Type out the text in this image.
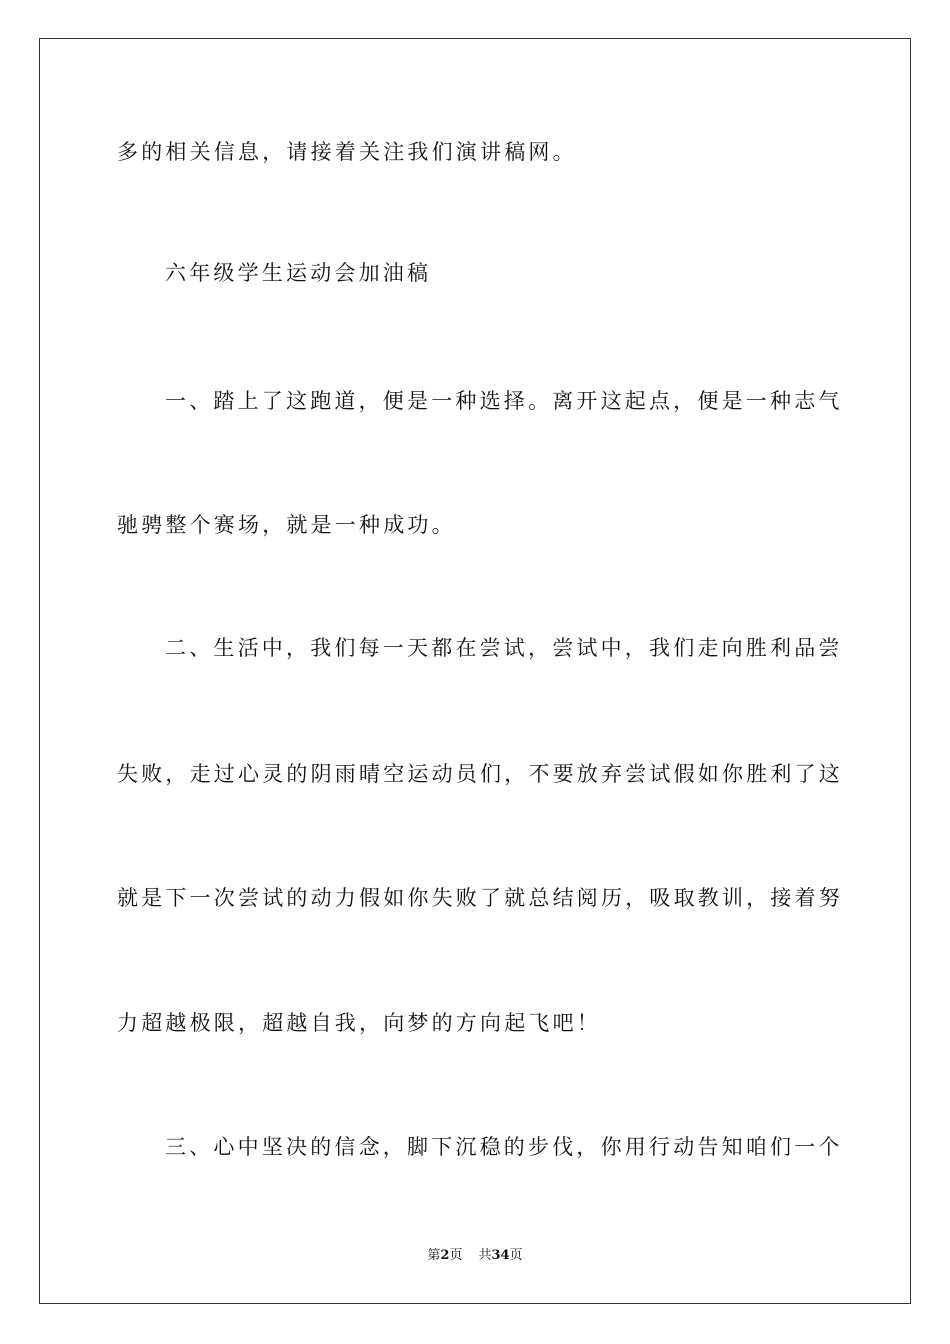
多的相关信息，请接着关注我们演讲稿网。
六年级学生运动会加油稿
一、踏上了这跑道，便是一种选择。离开这起点，便是一种志气
驰骋整个赛场，就是一种成功。
二、生活中，我们每一天都在尝试，尝试中，我们走向胜利品尝
失败，走过心灵的阴雨晴空运动员们，不要放弃尝试假如你胜利了这
就是下一次尝试的动力假如你失败了就总结阅历，吸取教训，接着努
力超越极限，超越自我，向梦的方向起飞吧！
三、心中坚决的信念，脚下沉稳的步伐，你用行动告知咱们一个
第2页 共34页
